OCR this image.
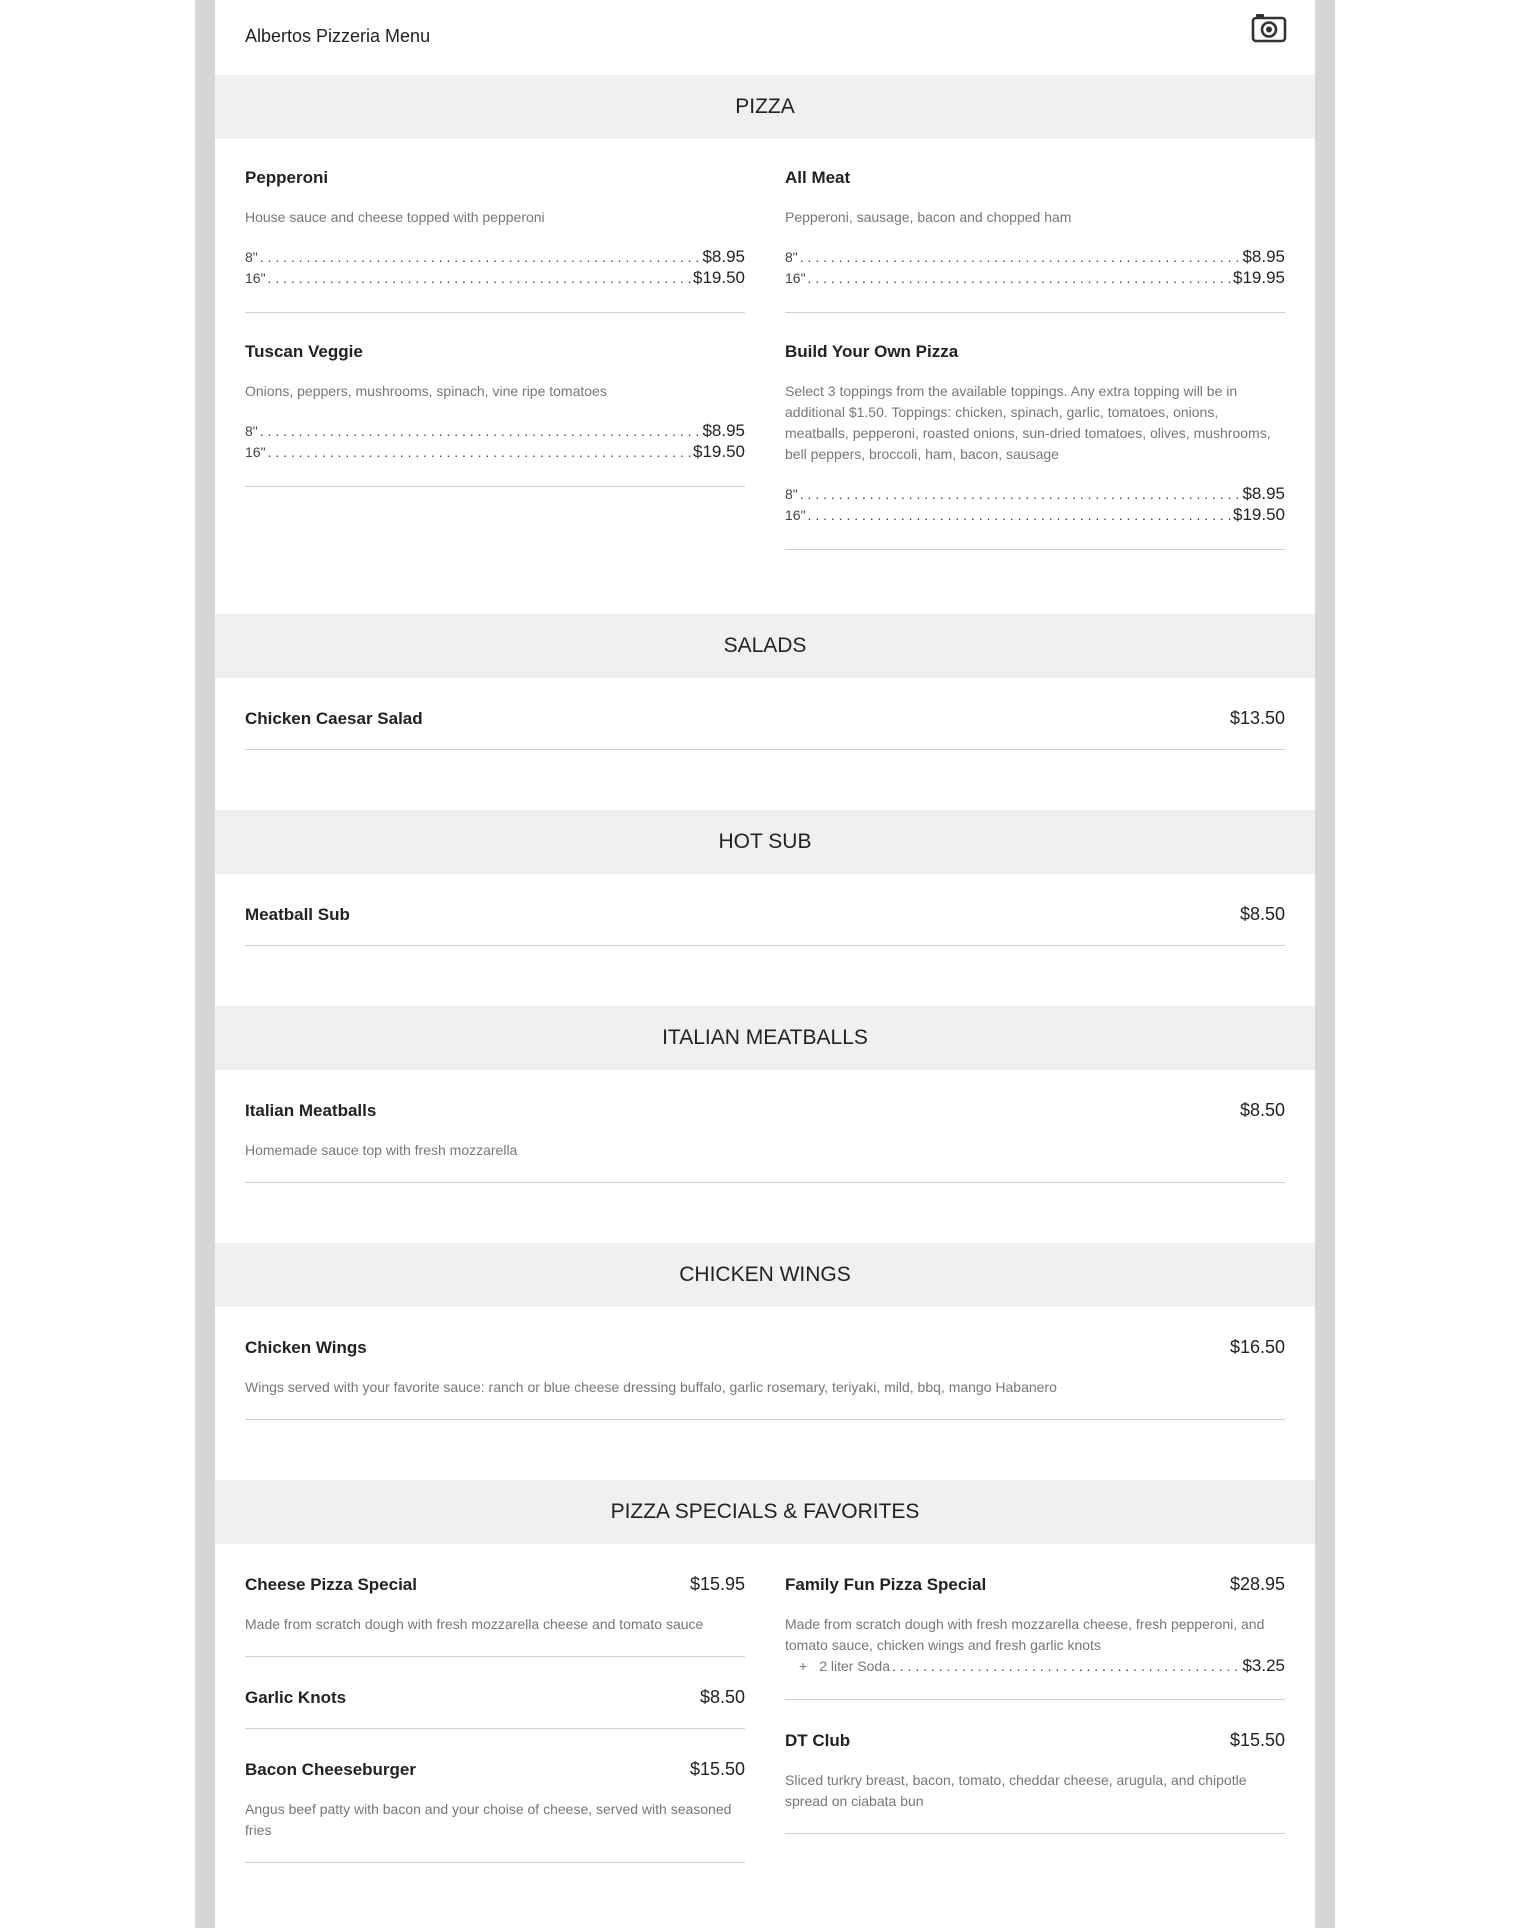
Albertos Pizzeria Menu
PIZZA
Pepperoni
House sauce and cheese topped with pepperoni
8" . . .	$8.95
16" . . .	$19.50
All Meat
Pepperoni, sausage, bacon and chopped ham
8" . . .	$8.95
16" . . .	$19.95
Tuscan Veggie
Onions, peppers, mushrooms, spinach, vine ripe tomatoes
8" . . .	$8.95
16" . . .	$19.50
Build Your Own Pizza
Select 3 toppings from the available toppings. Any extra topping will be in additional $1.50. Toppings: chicken, spinach, garlic, tomatoes, onions, meatballs, pepperoni, roasted onions, sun-dried tomatoes, olives, mushrooms, bell peppers, broccoli, ham, bacon, sausage
8" . . .	$8.95
16" . . .	$19.50
SALADS
Chicken Caesar Salad	$13.50
HOT SUB
Meatball Sub	$8.50
ITALIAN MEATBALLS
Italian Meatballs	$8.50
Homemade sauce top with fresh mozzarella
CHICKEN WINGS
Chicken Wings	$16.50
Wings served with your favorite sauce: ranch or blue cheese dressing buffalo, garlic rosemary, teriyaki, mild, bbq, mango Habanero
PIZZA SPECIALS & FAVORITES
Cheese Pizza Special	$15.95
Made from scratch dough with fresh mozzarella cheese and tomato sauce
Family Fun Pizza Special	$28.95
Made from scratch dough with fresh mozzarella cheese, fresh pepperoni, and tomato sauce, chicken wings and fresh garlic knots
+ 2 liter Soda . . .	$3.25
Garlic Knots	$8.50
DT Club	$15.50
Sliced turkry breast, bacon, tomato, cheddar cheese, arugula, and chipotle spread on ciabata bun
Bacon Cheeseburger	$15.50
Angus beef patty with bacon and your choise of cheese, served with seasoned fries
